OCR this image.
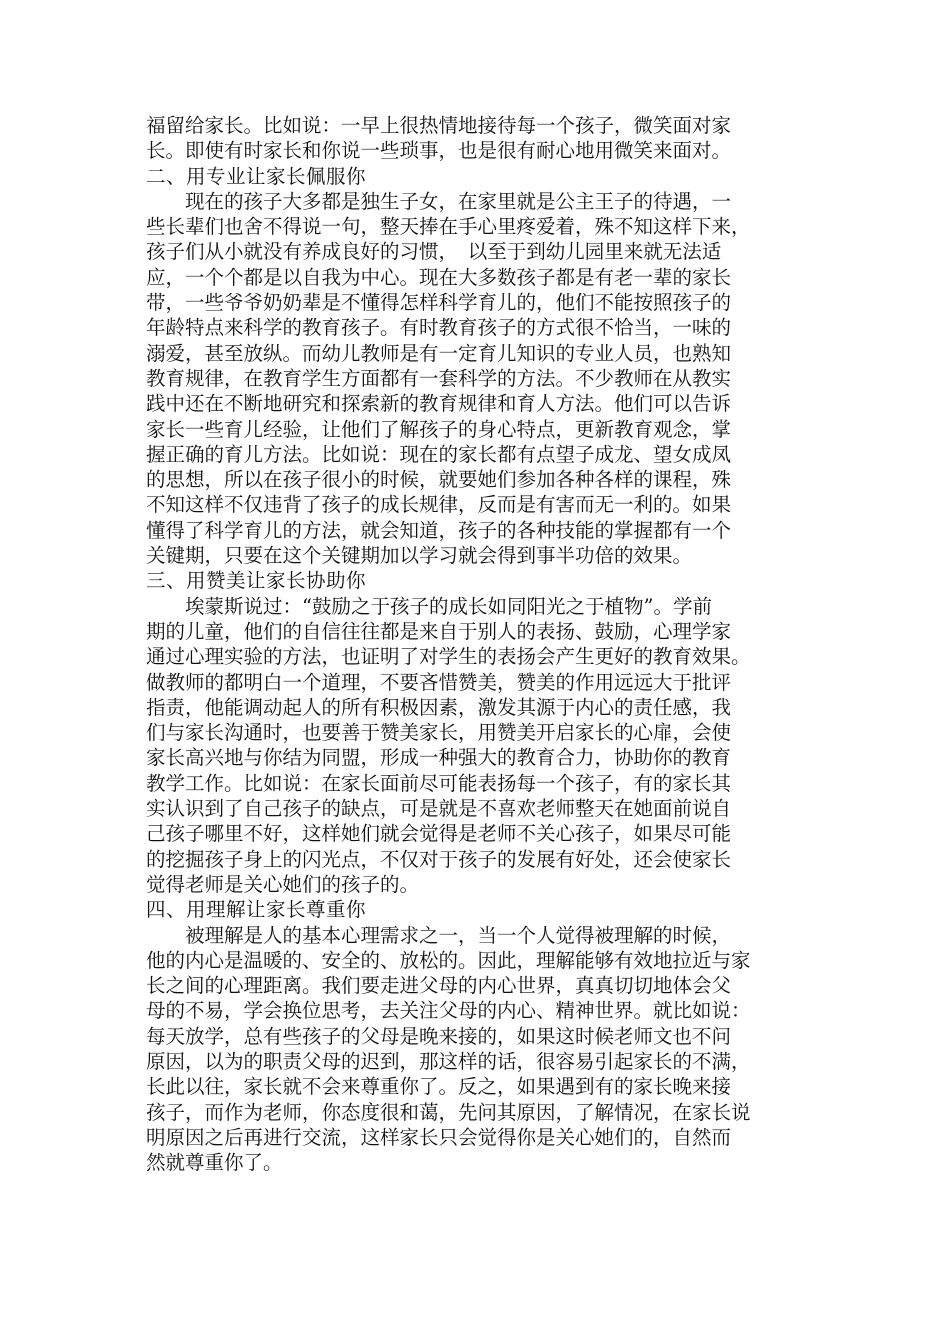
福留给家长。比如说：一早上很热情地接待每一个孩子，微笑面对家
长。即使有时家长和你说一些琐事，也是很有耐心地用微笑来面对。
二、用专业让家长佩服你
现在的孩子大多都是独生子女，在家里就是公主王子的待遇，一
些长辈们也舍不得说一句，整天捧在手心里疼爱着，殊不知这样下来，
孩子们从小就没有养成良好的习惯，　以至于到幼儿园里来就无法适
应，一个个都是以自我为中心。现在大多数孩子都是有老一辈的家长
带，一些爷爷奶奶辈是不懂得怎样科学育儿的，他们不能按照孩子的
年龄特点来科学的教育孩子。有时教育孩子的方式很不恰当，一味的
溺爱，甚至放纵。而幼儿教师是有一定育儿知识的专业人员，也熟知
教育规律，在教育学生方面都有一套科学的方法。不少教师在从教实
践中还在不断地研究和探索新的教育规律和育人方法。他们可以告诉
家长一些育儿经验，让他们了解孩子的身心特点，更新教育观念，掌
握正确的育儿方法。比如说：现在的家长都有点望子成龙、望女成凤
的思想，所以在孩子很小的时候，就要她们参加各种各样的课程，殊
不知这样不仅违背了孩子的成长规律，反而是有害而无一利的。如果
懂得了科学育儿的方法，就会知道，孩子的各种技能的掌握都有一个
关键期，只要在这个关键期加以学习就会得到事半功倍的效果。
三、用赞美让家长协助你
埃蒙斯说过：“鼓励之于孩子的成长如同阳光之于植物”。学前
期的儿童，他们的自信往往都是来自于别人的表扬、鼓励，心理学家
通过心理实验的方法，也证明了对学生的表扬会产生更好的教育效果。
做教师的都明白一个道理，不要吝惜赞美，赞美的作用远远大于批评
指责，他能调动起人的所有积极因素，激发其源于内心的责任感，我
们与家长沟通时，也要善于赞美家长，用赞美开启家长的心扉，会使
家长高兴地与你结为同盟，形成一种强大的教育合力，协助你的教育
教学工作。比如说：在家长面前尽可能表扬每一个孩子，有的家长其
实认识到了自己孩子的缺点，可是就是不喜欢老师整天在她面前说自
己孩子哪里不好，这样她们就会觉得是老师不关心孩子，如果尽可能
的挖掘孩子身上的闪光点，不仅对于孩子的发展有好处，还会使家长
觉得老师是关心她们的孩子的。
四、用理解让家长尊重你
被理解是人的基本心理需求之一，当一个人觉得被理解的时候，
他的内心是温暖的、安全的、放松的。因此，理解能够有效地拉近与家
长之间的心理距离。我们要走进父母的内心世界，真真切切地体会父
母的不易，学会换位思考，去关注父母的内心、精神世界。就比如说：
每天放学，总有些孩子的父母是晚来接的，如果这时候老师文也不问
原因，以为的职责父母的迟到，那这样的话，很容易引起家长的不满，
长此以往，家长就不会来尊重你了。反之，如果遇到有的家长晚来接
孩子，而作为老师，你态度很和蔼，先问其原因，了解情况，在家长说
明原因之后再进行交流，这样家长只会觉得你是关心她们的，自然而
然就尊重你了。
